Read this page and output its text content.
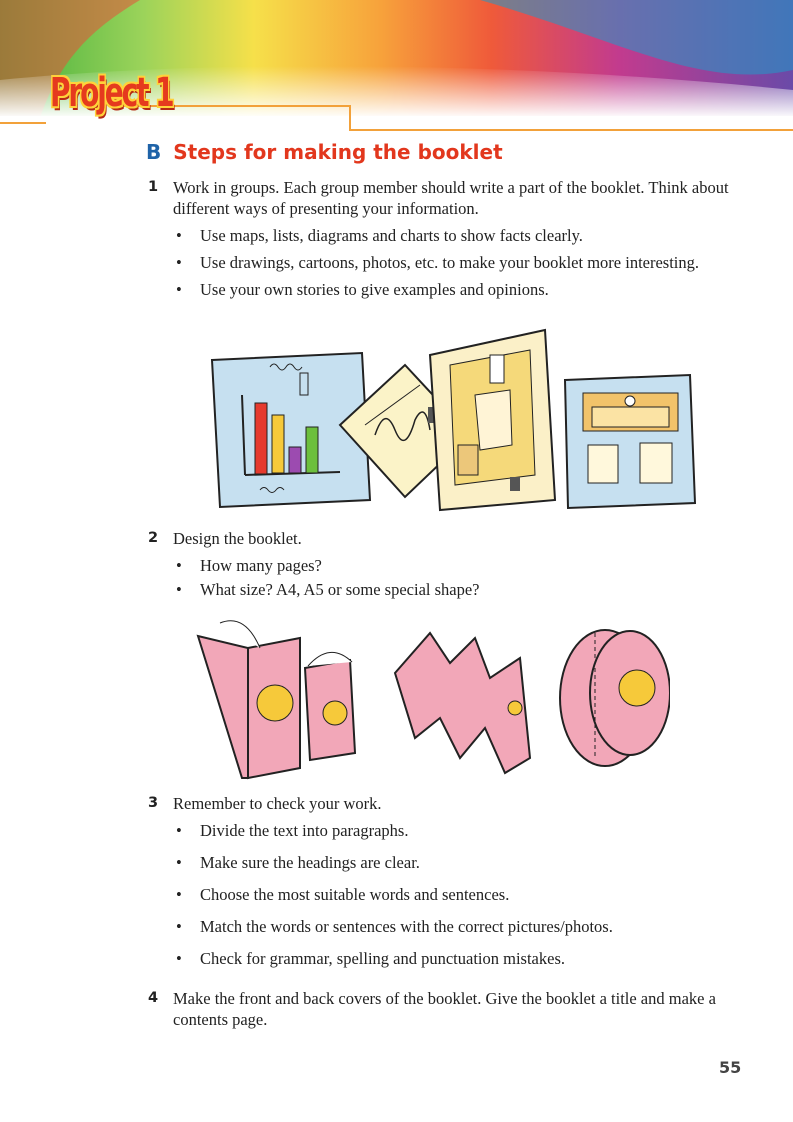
Project 1
B Steps for making the booklet
1 Work in groups. Each group member should write a part of the booklet. Think about different ways of presenting your information.
• Use maps, lists, diagrams and charts to show facts clearly.
• Use drawings, cartoons, photos, etc. to make your booklet more interesting.
• Use your own stories to give examples and opinions.
2 Design the booklet.
• How many pages?
• What size? A4, A5 or some special shape?
3 Remember to check your work.
• Divide the text into paragraphs.
• Make sure the headings are clear.
• Choose the most suitable words and sentences.
• Match the words or sentences with the correct pictures/photos.
• Check for grammar, spelling and punctuation mistakes.
4 Make the front and back covers of the booklet. Give the booklet a title and make a contents page.
55
